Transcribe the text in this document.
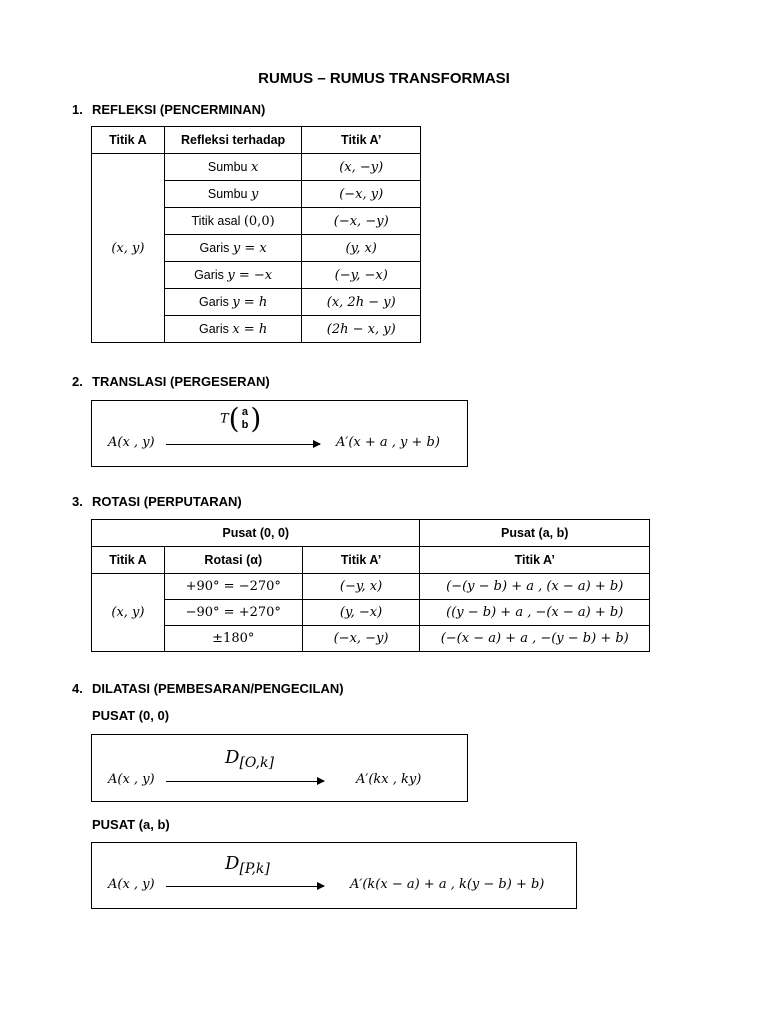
RUMUS – RUMUS TRANSFORMASI
1. REFLEKSI (PENCERMINAN)
Titik A	Refleksi terhadap	Titik A’
(x, y)	Sumbu x	(x, −y)
	Sumbu y	(−x, y)
	Titik asal (0,0)	(−x, −y)
	Garis y = x	(y, x)
	Garis y = −x	(−y, −x)
	Garis y = h	(x, 2h − y)
	Garis x = h	(2h − x, y)
2. TRANSLASI (PERGESERAN)
A(x , y)
T( a
b )
A′(x + a , y + b)
3. ROTASI (PERPUTARAN)
Pusat (0, 0)			Pusat (a, b)
Titik A	Rotasi (α)	Titik A’	Titik A’
(x, y)	+90° = −270°	(−y, x)	(−(y − b) + a , (x − a) + b)
	−90° = +270°	(y, −x)	((y − b) + a , −(x − a) + b)
	±180°	(−x, −y)	(−(x − a) + a , −(y − b) + b)
4. DILATASI (PEMBESARAN/PENGECILAN)
PUSAT (0, 0)
A(x , y)
$D_{[O,k]}$
A′(kx , ky)
PUSAT (a, b)
A(x , y)
$D_{[P,k]}$
A′(k(x − a) + a , k(y − b) + b)
